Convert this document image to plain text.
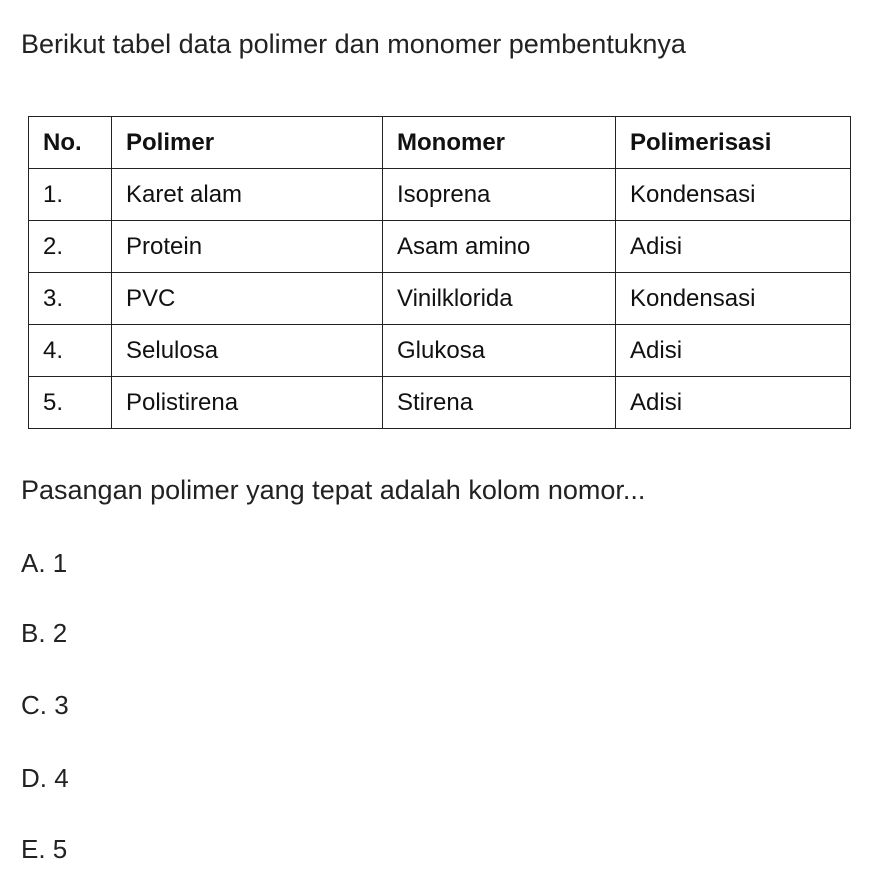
Berikut tabel data polimer dan monomer pembentuknya
No.	Polimer	Monomer	Polimerisasi
1.	Karet alam	Isoprena	Kondensasi
2.	Protein	Asam amino	Adisi
3.	PVC	Vinilklorida	Kondensasi
4.	Selulosa	Glukosa	Adisi
5.	Polistirena	Stirena	Adisi
Pasangan polimer yang tepat adalah kolom nomor...
A. 1
B. 2
C. 3
D. 4
E. 5
